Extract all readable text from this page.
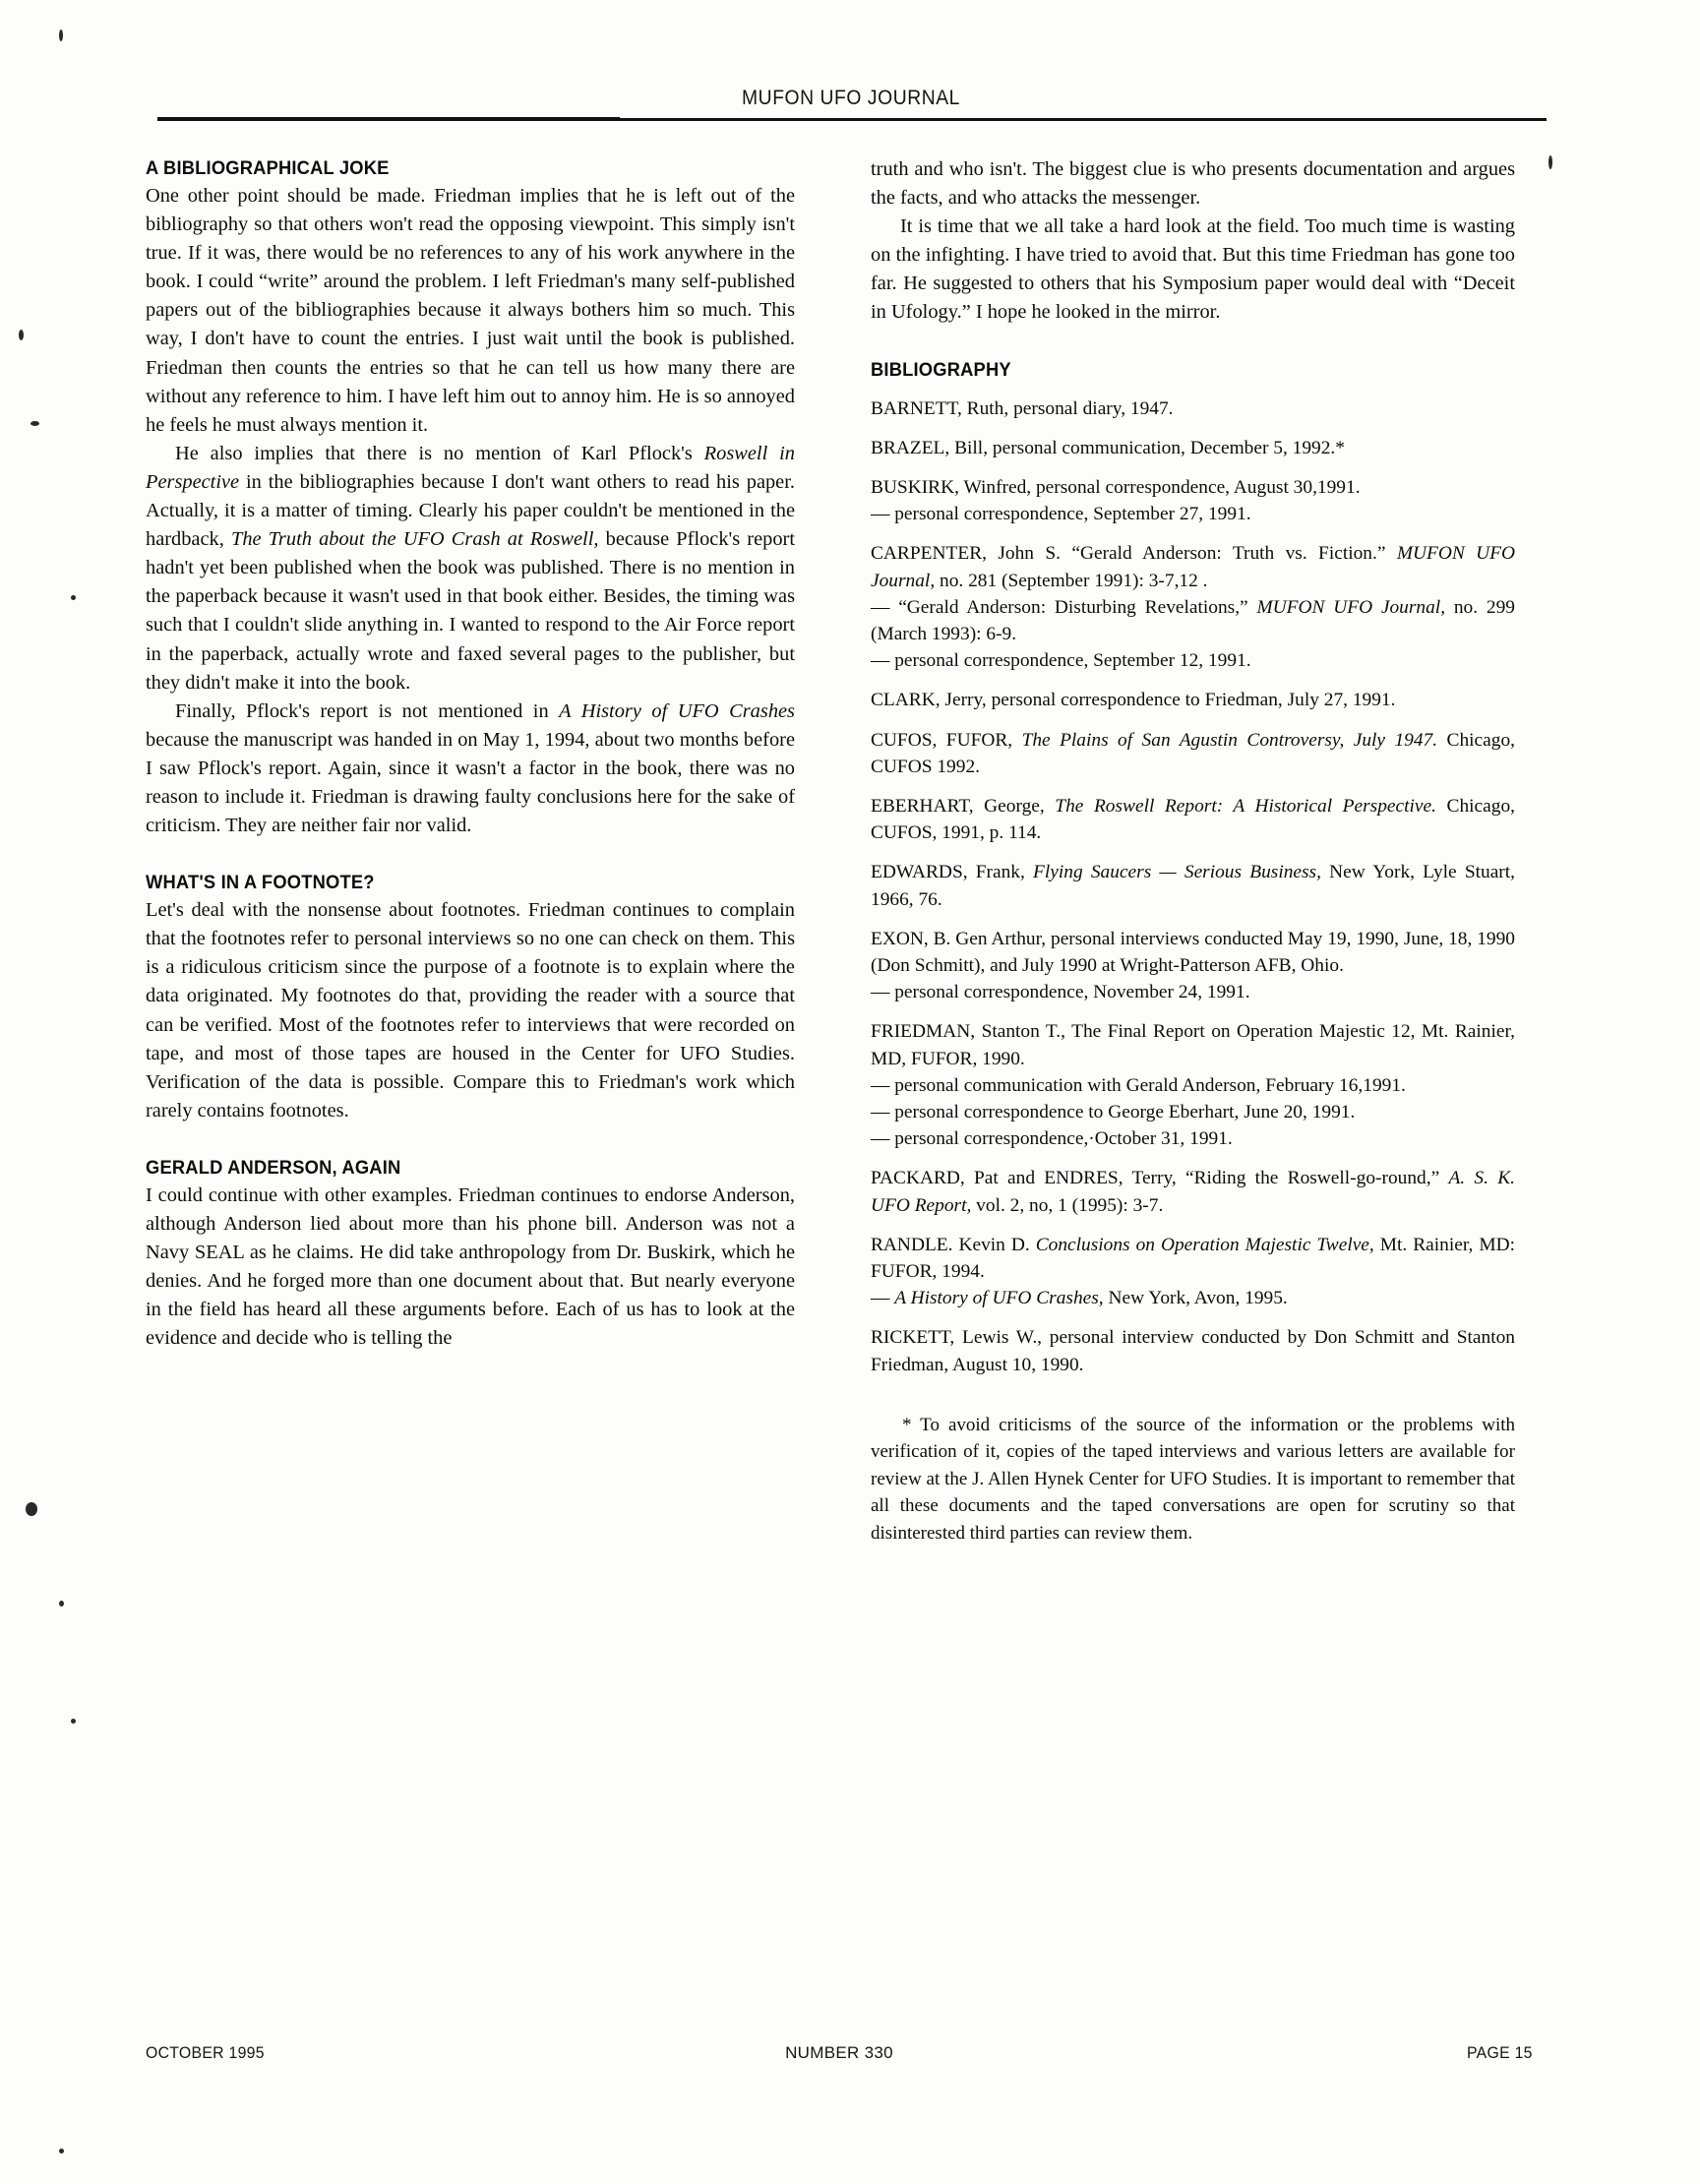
MUFON UFO JOURNAL
A BIBLIOGRAPHICAL JOKE

One other point should be made. Friedman implies that he is left out of the bibliography so that others won't read the opposing viewpoint. This simply isn't true. If it was, there would be no references to any of his work anywhere in the book. I could “write” around the problem. I left Friedman's many self-published papers out of the bibliographies because it always bothers him so much. This way, I don't have to count the entries. I just wait until the book is published. Friedman then counts the entries so that he can tell us how many there are without any reference to him. I have left him out to annoy him. He is so annoyed he feels he must always mention it.

He also implies that there is no mention of Karl Pflock's Roswell in Perspective in the bibliographies because I don't want others to read his paper. Actually, it is a matter of timing. Clearly his paper couldn't be mentioned in the hardback, The Truth about the UFO Crash at Roswell, because Pflock's report hadn't yet been published when the book was published. There is no mention in the paperback because it wasn't used in that book either. Besides, the timing was such that I couldn't slide anything in. I wanted to respond to the Air Force report in the paperback, actually wrote and faxed several pages to the publisher, but they didn't make it into the book.

Finally, Pflock's report is not mentioned in A History of UFO Crashes because the manuscript was handed in on May 1, 1994, about two months before I saw Pflock's report. Again, since it wasn't a factor in the book, there was no reason to include it. Friedman is drawing faulty conclusions here for the sake of criticism. They are neither fair nor valid.

WHAT'S IN A FOOTNOTE?

Let's deal with the nonsense about footnotes. Friedman continues to complain that the footnotes refer to personal interviews so no one can check on them. This is a ridiculous criticism since the purpose of a footnote is to explain where the data originated. My footnotes do that, providing the reader with a source that can be verified. Most of the footnotes refer to interviews that were recorded on tape, and most of those tapes are housed in the Center for UFO Studies. Verification of the data is possible. Compare this to Friedman's work which rarely contains footnotes.

GERALD ANDERSON, AGAIN

I could continue with other examples. Friedman continues to endorse Anderson, although Anderson lied about more than his phone bill. Anderson was not a Navy SEAL as he claims. He did take anthropology from Dr. Buskirk, which he denies. And he forged more than one document about that. But nearly everyone in the field has heard all these arguments before. Each of us has to look at the evidence and decide who is telling the

truth and who isn't. The biggest clue is who presents documentation and argues the facts, and who attacks the messenger.

It is time that we all take a hard look at the field. Too much time is wasting on the infighting. I have tried to avoid that. But this time Friedman has gone too far. He suggested to others that his Symposium paper would deal with “Deceit in Ufology.” I hope he looked in the mirror.

BIBLIOGRAPHY

BARNETT, Ruth, personal diary, 1947.

BRAZEL, Bill, personal communication, December 5, 1992.*

BUSKIRK, Winfred, personal correspondence, August 30,1991.

— personal correspondence, September 27, 1991.

CARPENTER, John S. “Gerald Anderson: Truth vs. Fiction.” MUFON UFO Journal, no. 281 (September 1991): 3-7,12 .

— “Gerald Anderson: Disturbing Revelations,” MUFON UFO Journal, no. 299 (March 1993): 6-9.

— personal correspondence, September 12, 1991.

CLARK, Jerry, personal correspondence to Friedman, July 27, 1991.

CUFOS, FUFOR, The Plains of San Agustin Controversy, July 1947. Chicago, CUFOS 1992.

EBERHART, George, The Roswell Report: A Historical Perspective. Chicago, CUFOS, 1991, p. 114.

EDWARDS, Frank, Flying Saucers — Serious Business, New York, Lyle Stuart, 1966, 76.

EXON, B. Gen Arthur, personal interviews conducted May 19, 1990, June, 18, 1990 (Don Schmitt), and July 1990 at Wright-Patterson AFB, Ohio.

— personal correspondence, November 24, 1991.

FRIEDMAN, Stanton T., The Final Report on Operation Majestic 12, Mt. Rainier, MD, FUFOR, 1990.

— personal communication with Gerald Anderson, February 16,1991.

— personal correspondence to George Eberhart, June 20, 1991.

— personal correspondence,·October 31, 1991.

PACKARD, Pat and ENDRES, Terry, “Riding the Roswell-go-round,” A. S. K. UFO Report, vol. 2, no, 1 (1995): 3-7.

RANDLE. Kevin D. Conclusions on Operation Majestic Twelve, Mt. Rainier, MD: FUFOR, 1994.

— A History of UFO Crashes, New York, Avon, 1995.

RICKETT, Lewis W., personal interview conducted by Don Schmitt and Stanton Friedman, August 10, 1990.

* To avoid criticisms of the source of the information or the problems with verification of it, copies of the taped interviews and various letters are available for review at the J. Allen Hynek Center for UFO Studies. It is important to remember that all these documents and the taped conversations are open for scrutiny so that disinterested third parties can review them.

OCTOBER 1995	NUMBER 330	PAGE 15
